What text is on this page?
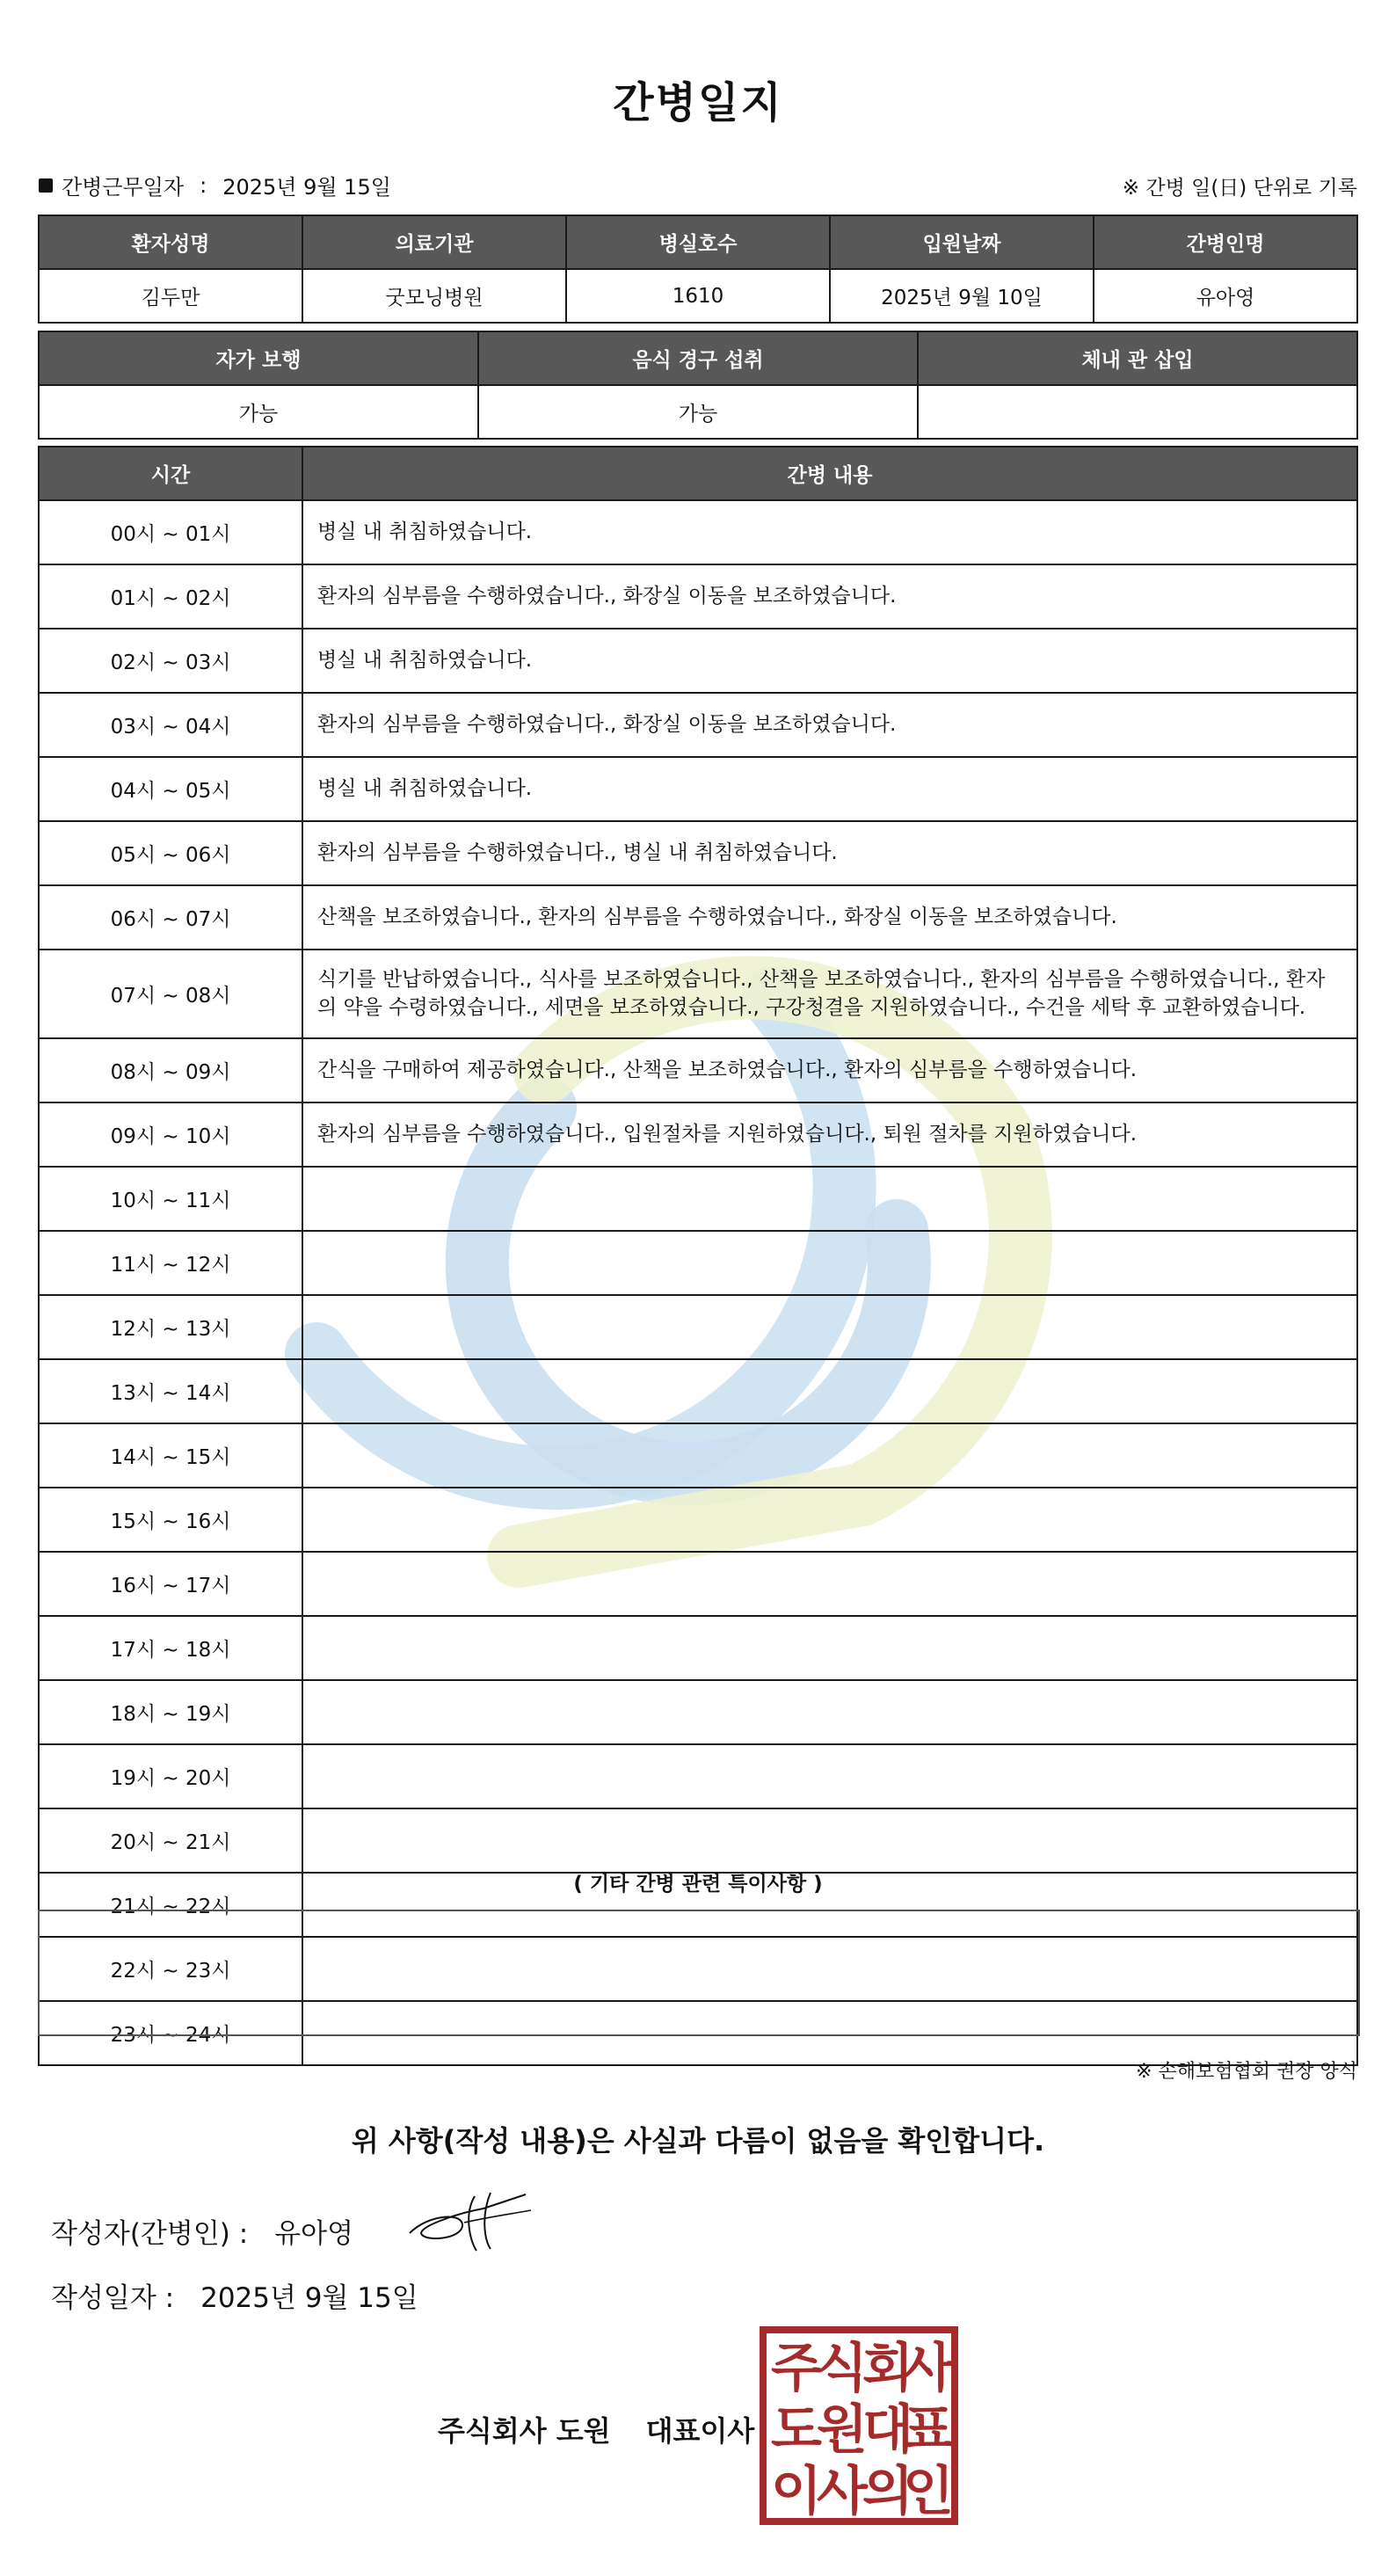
간병일지
간병근무일자 : 2025년 9월 15일	※ 간병 일(日) 단위로 기록
환자성명	의료기관	병실호수	입원날짜	간병인명
김두만	굿모닝병원	1610	2025년 9월 10일	유아영
자가 보행	음식 경구 섭취	체내 관 삽입
가능	가능	
시간	간병 내용
00시 ~ 01시	병실 내 취침하였습니다.
01시 ~ 02시	환자의 심부름을 수행하였습니다., 화장실 이동을 보조하였습니다.
02시 ~ 03시	병실 내 취침하였습니다.
03시 ~ 04시	환자의 심부름을 수행하였습니다., 화장실 이동을 보조하였습니다.
04시 ~ 05시	병실 내 취침하였습니다.
05시 ~ 06시	환자의 심부름을 수행하였습니다., 병실 내 취침하였습니다.
06시 ~ 07시	산책을 보조하였습니다., 환자의 심부름을 수행하였습니다., 화장실 이동을 보조하였습니다.
07시 ~ 08시	식기를 반납하였습니다., 식사를 보조하였습니다., 산책을 보조하였습니다., 환자의 심부름을 수행하였습니다., 환자의 약을 수령하였습니다., 세면을 보조하였습니다., 구강청결을 지원하였습니다., 수건을 세탁 후 교환하였습니다.
08시 ~ 09시	간식을 구매하여 제공하였습니다., 산책을 보조하였습니다., 환자의 심부름을 수행하였습니다.
09시 ~ 10시	환자의 심부름을 수행하였습니다., 입원절차를 지원하였습니다., 퇴원 절차를 지원하였습니다.
10시 ~ 11시	
11시 ~ 12시	
12시 ~ 13시	
13시 ~ 14시	
14시 ~ 15시	
15시 ~ 16시	
16시 ~ 17시	
17시 ~ 18시	
18시 ~ 19시	
19시 ~ 20시	
20시 ~ 21시	
21시 ~ 22시	
22시 ~ 23시	
23시 ~ 24시	
( 기타 간병 관련 특이사항 )
※ 손해보험협회 권장 양식
위 사항(작성 내용)은 사실과 다름이 없음을 확인합니다.
작성자(간병인) : 유아영
작성일자 : 2025년 9월 15일
주식회사 도원 대표이사
주
식
회
사
도
원
대
표
이
사
의
인
